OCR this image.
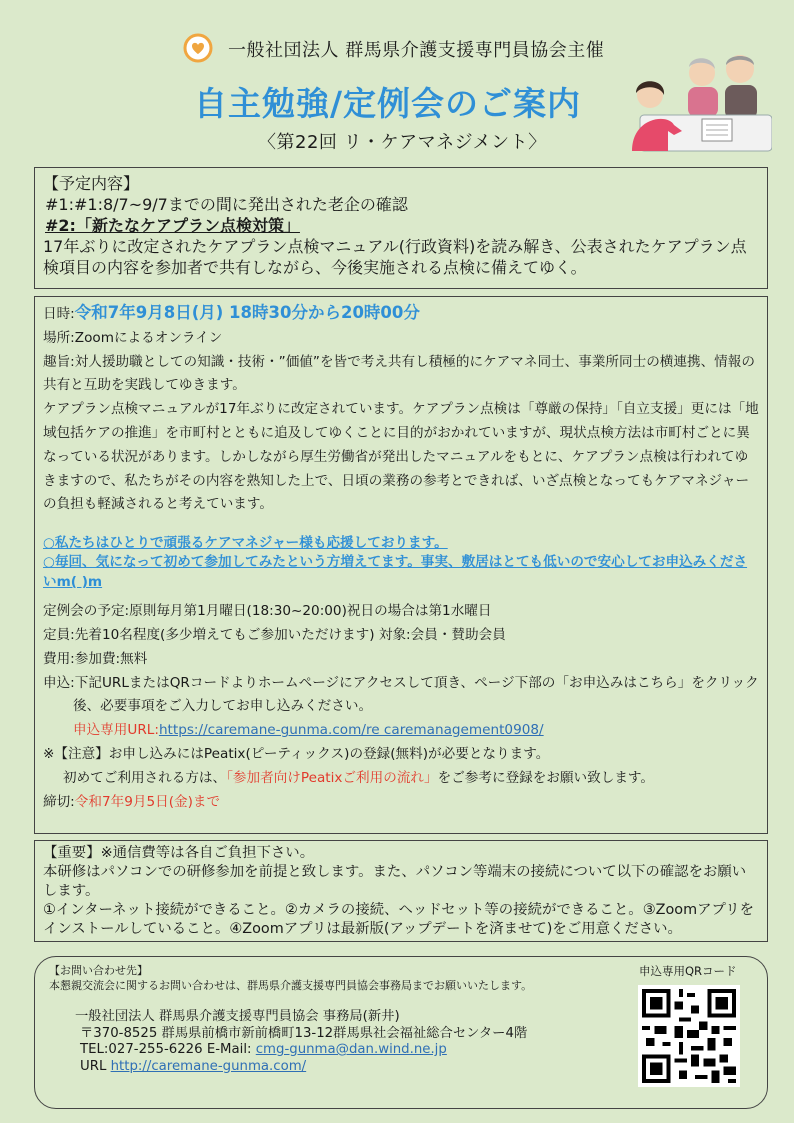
一般社団法人 群馬県介護支援専門員協会主催
自主勉強/定例会のご案内
〈第22回 リ・ケアマネジメント〉
【予定内容】
#1:#1:8/7~9/7までの間に発出された老企の確認
#2:「新たなケアプラン点検対策」
17年ぶりに改定されたケアプラン点検マニュアル(行政資料)を読み解き、公表されたケアプラン点検項目の内容を参加者で共有しながら、今後実施される点検に備えてゆく。
日時:令和7年9月8日(月) 18時30分から20時00分
場所:Zoomによるオンライン
趣旨:対人援助職としての知識・技術・”価値”を皆で考え共有し積極的にケアマネ同士、事業所同士の横連携、情報の共有と互助を実践してゆきます。
ケアプラン点検マニュアルが17年ぶりに改定されています。ケアプラン点検は「尊厳の保持」「自立支援」更には「地域包括ケアの推進」を市町村とともに追及してゆくことに目的がおかれていますが、現状点検方法は市町村ごとに異なっている状況があります。しかしながら厚生労働省が発出したマニュアルをもとに、ケアプラン点検は行われてゆきますので、私たちがその内容を熟知した上で、日頃の業務の参考とできれば、いざ点検となってもケアマネジャーの負担も軽減されると考えています。
○私たちはひとりで頑張るケアマネジャー様も応援しております。
○毎回、気になって初めて参加してみたという方増えてます。事実、敷居はとても低いので安心してお申込みくださいm( )m
定例会の予定:原則毎月第1月曜日(18:30~20:00)祝日の場合は第1水曜日
定員:先着10名程度(多少増えてもご参加いただけます) 対象:会員・賛助会員
費用:参加費:無料
申込:下記URLまたはQRコードよりホームページにアクセスして頂き、ページ下部の「お申込みはこちら」をクリック後、必要事項をご入力してお申し込みください。
申込専用URL:https://caremane-gunma.com/re caremanagement0908/
※【注意】お申し込みにはPeatix(ピーティックス)の登録(無料)が必要となります。
初めてご利用される方は、「参加者向けPeatixご利用の流れ」をご参考に登録をお願い致します。
締切:令和7年9月5日(金)まで
【重要】※通信費等は各自ご負担下さい。
本研修はパソコンでの研修参加を前提と致します。また、パソコン等端末の接続について以下の確認をお願いします。
①インターネット接続ができること。②カメラの接続、ヘッドセット等の接続ができること。③Zoomアプリをインストールしていること。④Zoomアプリは最新版(アップデートを済ませて)をご用意ください。
【お問い合わせ先】
本懇親交流会に関するお問い合わせは、群馬県介護支援専門員協会事務局までお願いいたします。
一般社団法人 群馬県介護支援専門員協会 事務局(新井)
〒370-8525 群馬県前橋市新前橋町13-12群馬県社会福祉総合センター4階
TEL:027-255-6226 E-Mail: cmg-gunma@dan.wind.ne.jp
URL http://caremane-gunma.com/
申込専用QRコード
